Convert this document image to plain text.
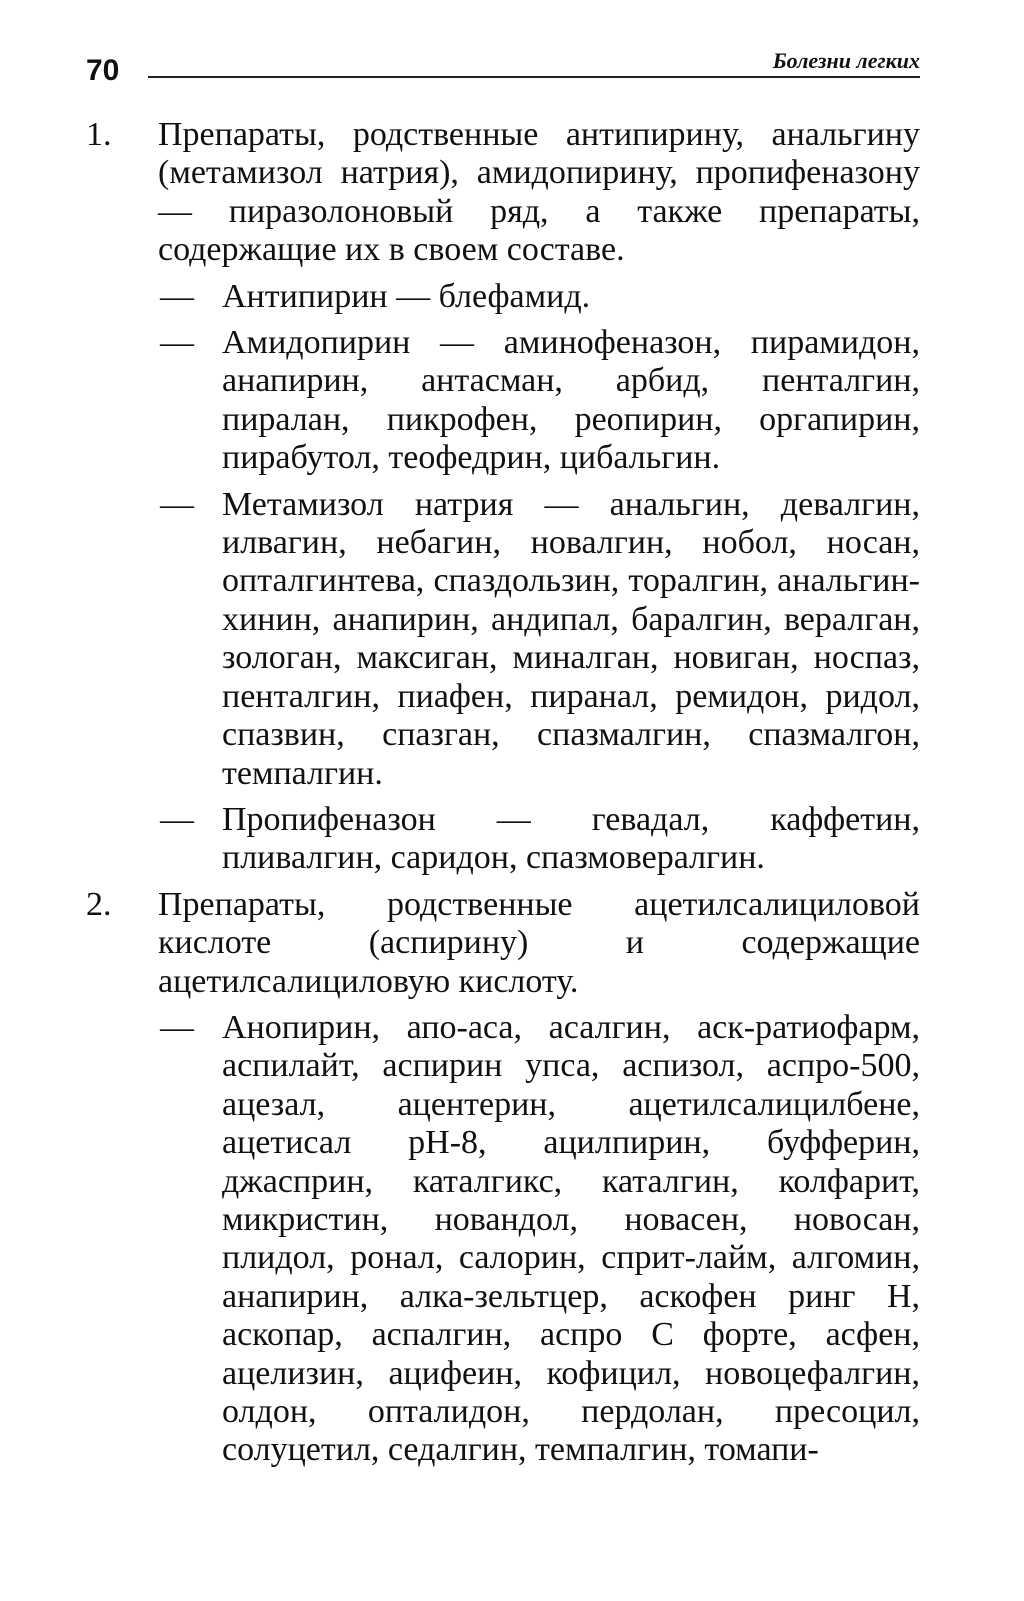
70	Болезни легких
1.	Препараты, родственные антипирину, анальгину (метамизол натрия), амидопирину, пропифеназону — пиразолоновый ряд, а также препараты, содержащие их в своем составе.

— Антипирин — блефамид.
— Амидопирин — аминофеназон, пирамидон, анапирин, антасман, арбид, пенталгин, пиралан, пикрофен, реопирин, оргапирин, пирабутол, теофедрин, цибальгин.
— Метамизол натрия — анальгин, девалгин, илвагин, небагин, новалгин, нобол, носан, опталгинтева, спаздользин, торалгин, анальгин-хинин, анапирин, андипал, баралгин, вералган, зологан, максиган, миналган, новиган, носпаз, пенталгин, пиафен, пиранал, ремидон, ридол, спазвин, спазган, спазмалгин, спазмалгон, темпалгин.
— Пропифеназон — гевадал, каффетин, пливалгин, саридон, спазмовералгин.
2.	Препараты, родственные ацетилсалициловой кислоте (аспирину) и содержащие ацетилсалициловую кислоту.

— Анопирин, апо-аса, асалгин, аск-ратиофарм, аспилайт, аспирин упса, аспизол, аспро-500, ацезал, ацентерин, ацетилсалицилбене, ацетисал рН-8, ацилпирин, буфферин, джасприн, каталгикс, каталгин, колфарит, микристин, новандол, новасен, новосан, плидол, ронал, салорин, сприт-лайм, алгомин, анапирин, алка-зельтцер, аскофен ринг Н, аскопар, аспалгин, аспро С форте, асфен, ацелизин, ацифеин, кофицил, новоцефалгин, олдон, опталидон, пердолан, пресоцил, солуцетил, седалгин, темпалгин, томапи-
